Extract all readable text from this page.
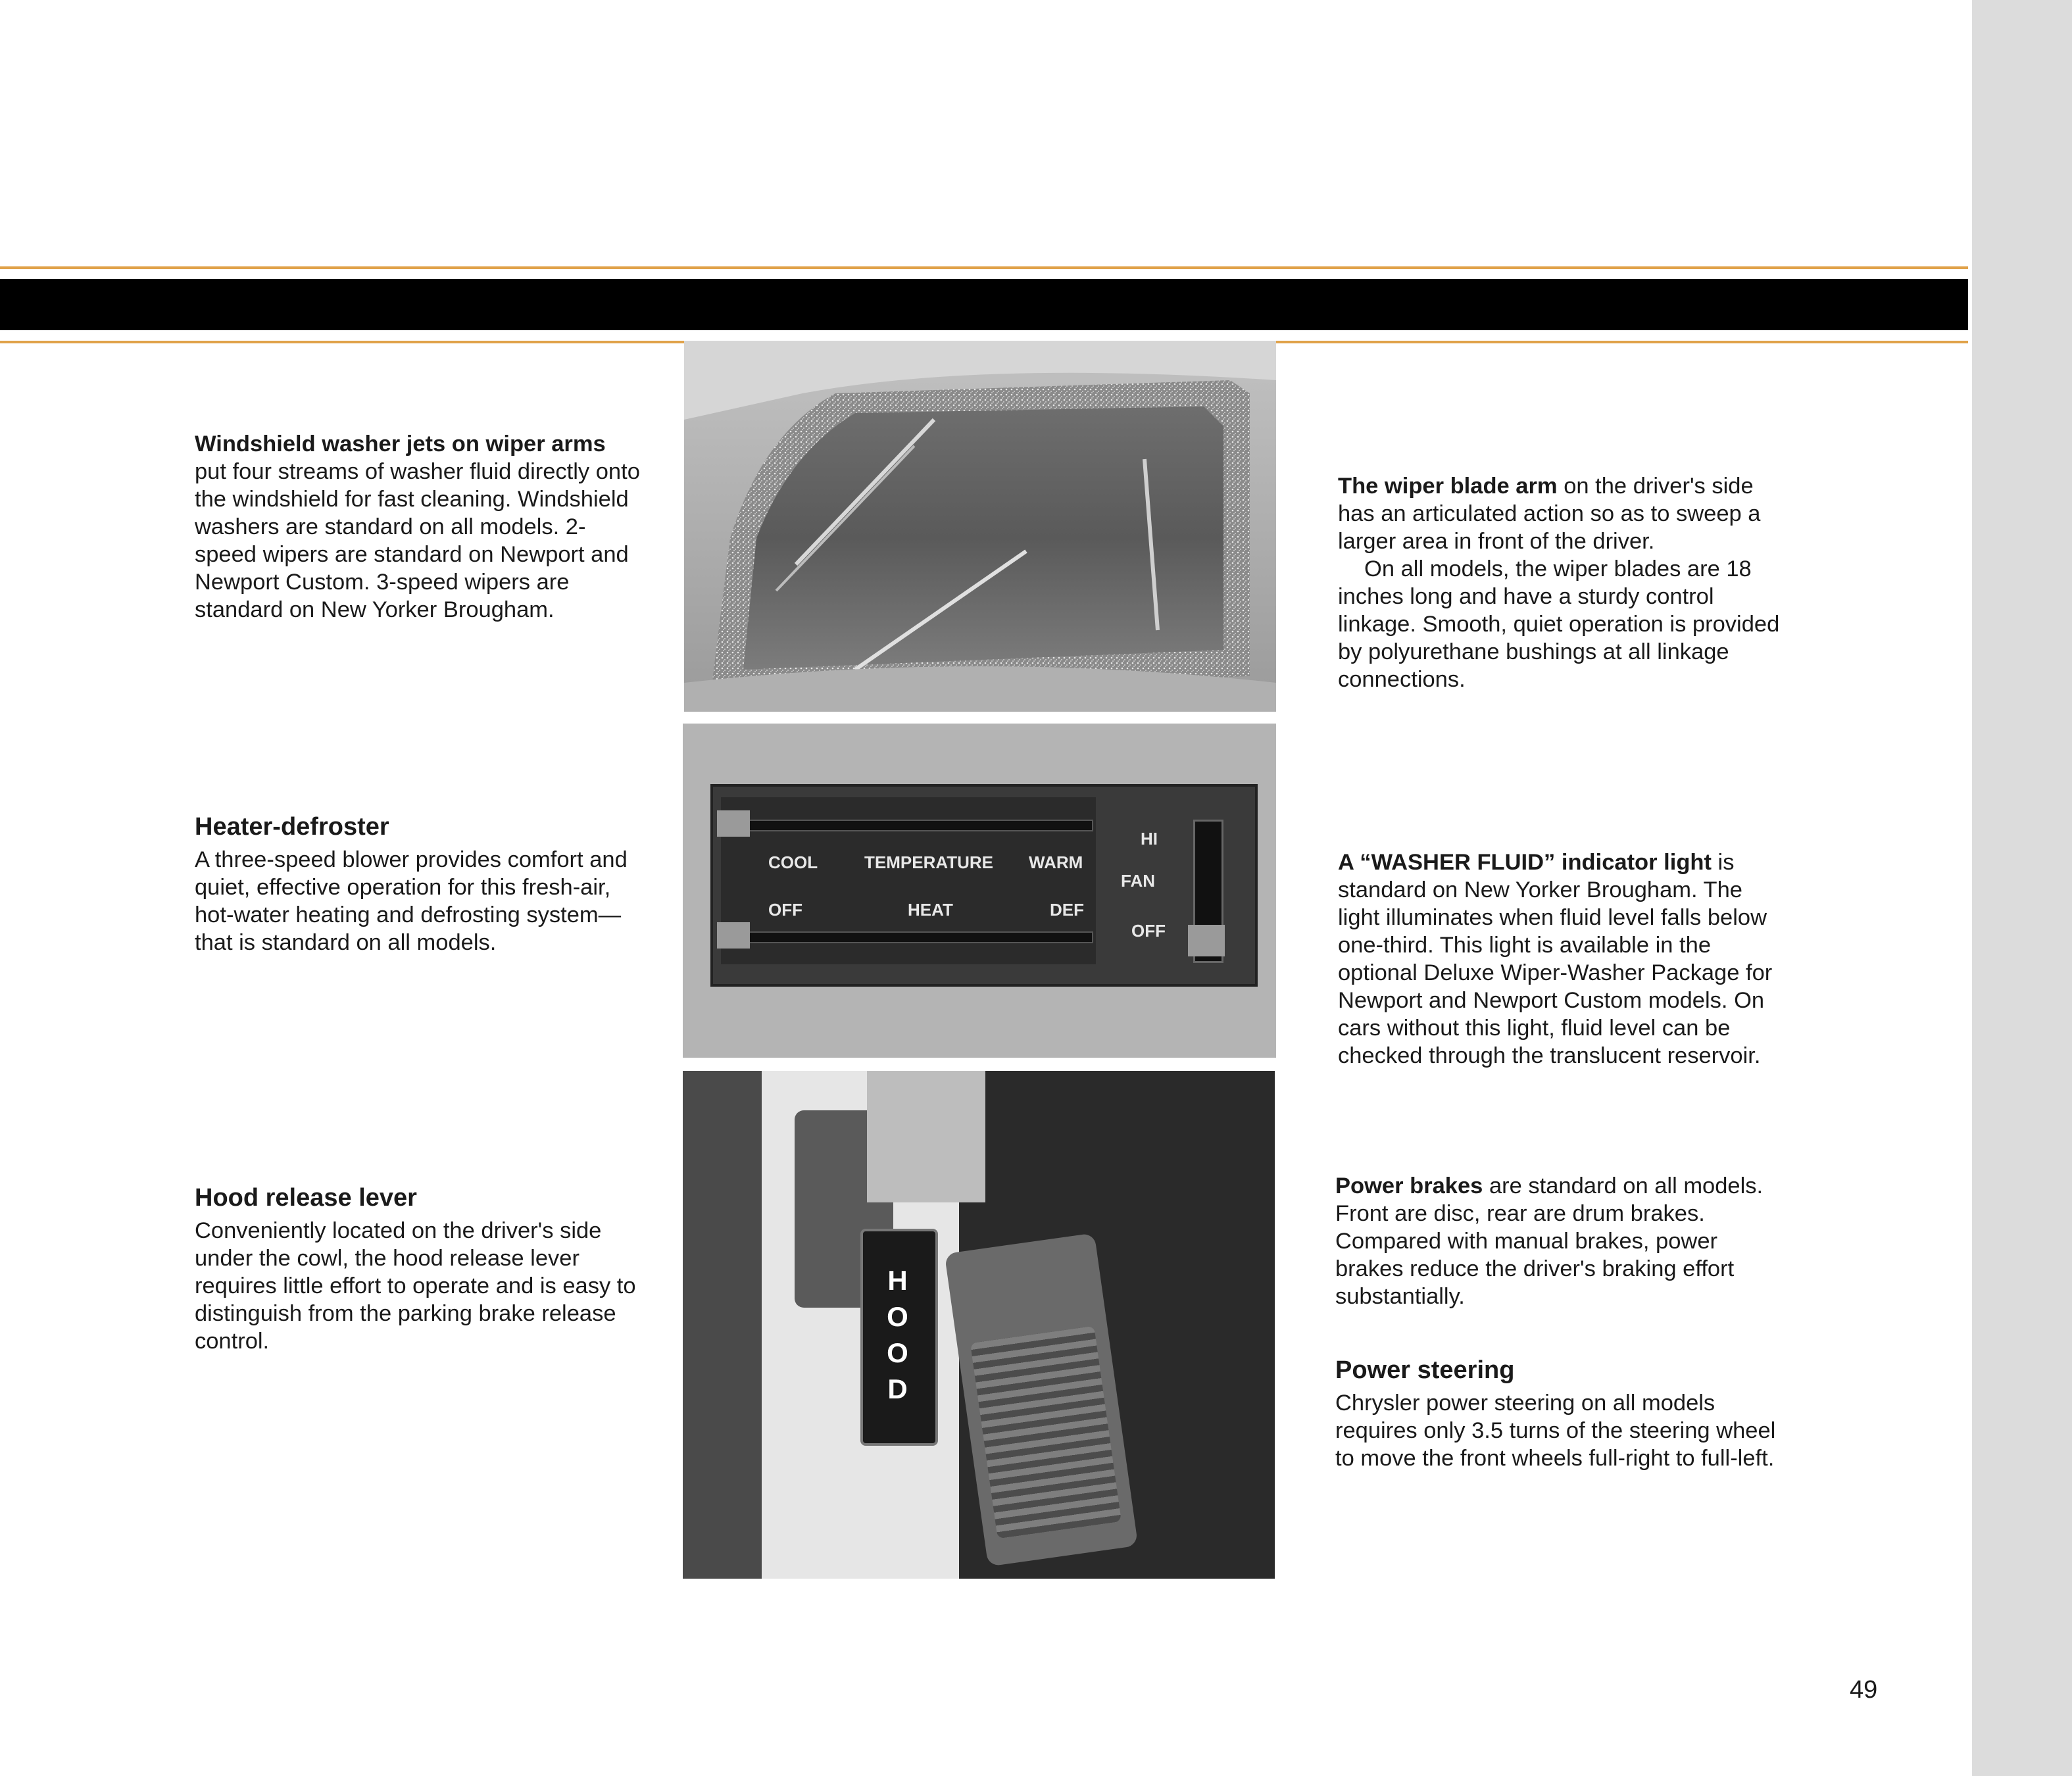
Windshield washer jets on wiper arms put four streams of washer fluid directly onto the windshield for fast cleaning. Windshield washers are standard on all models. 2-speed wipers are standard on Newport and Newport Custom. 3-speed wipers are standard on New Yorker Brougham.

Heater-defroster

A three-speed blower provides comfort and quiet, effective operation for this fresh-air, hot-water heating and defrosting system—that is standard on all models.

Hood release lever

Conveniently located on the driver's side under the cowl, the hood release lever requires little effort to operate and is easy to distinguish from the parking brake release control.

COOL	TEMPERATURE WARM
OFF	HEAT	DEF
HI
FAN
OFF
HOOD

The wiper blade arm on the driver's side has an articulated action so as to sweep a larger area in front of the driver.

On all models, the wiper blades are 18 inches long and have a sturdy control linkage. Smooth, quiet operation is provided by polyurethane bushings at all linkage connections.

A “WASHER FLUID” indicator light is standard on New Yorker Brougham. The light illuminates when fluid level falls below one-third. This light is available in the optional Deluxe Wiper-Washer Package for Newport and Newport Custom models. On cars without this light, fluid level can be checked through the translucent reservoir.

Power brakes are standard on all models. Front are disc, rear are drum brakes. Compared with manual brakes, power brakes reduce the driver's braking effort substantially.

Power steering

Chrysler power steering on all models requires only 3.5 turns of the steering wheel to move the front wheels full-right to full-left.

49
